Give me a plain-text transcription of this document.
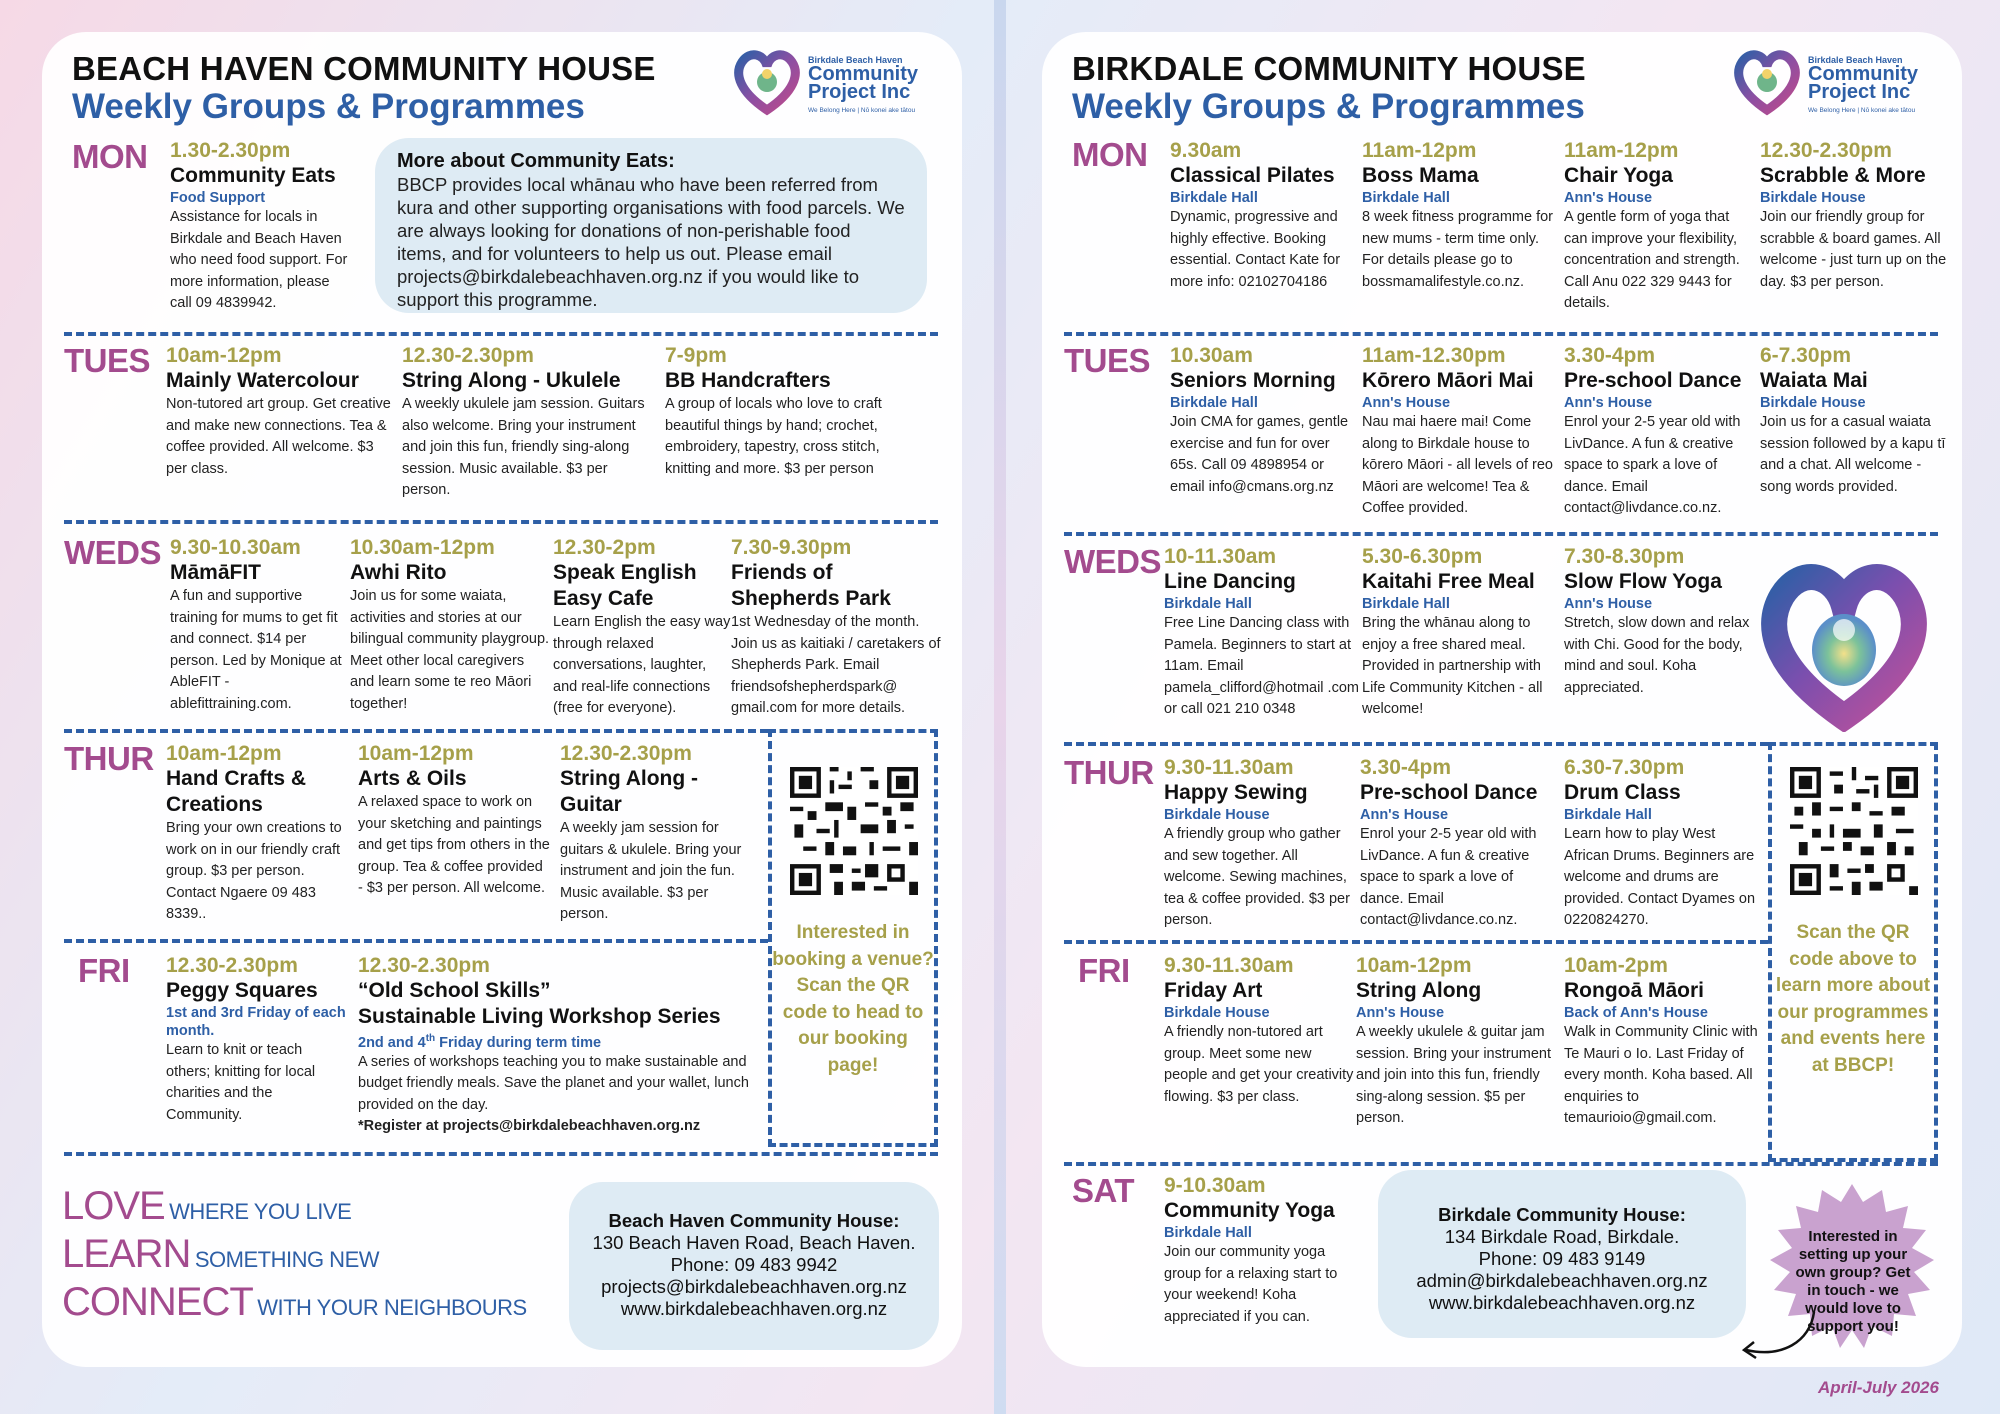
BEACH HAVEN COMMUNITY HOUSE
Weekly Groups & Programmes
Birkdale Beach Haven
Community
Project Inc
We Belong Here | Nō konei ake tātou
MON 1.30-2.30pm
Community Eats
Food Support
Assistance for locals in Birkdale and Beach Haven who need food support. For more information, please call 09 4839942.
More about Community Eats:
BBCP provides local whānau who have been referred from kura and other supporting organisations with food parcels. We are always looking for donations of non-perishable food items, and for volunteers to help us out. Please email projects@birkdalebeachhaven.org.nz if you would like to support this programme.
TUES 10am-12pm
Mainly Watercolour
Non-tutored art group. Get creative and make new connections. Tea & coffee provided. All welcome. $3 per class.
12.30-2.30pm
String Along - Ukulele
A weekly ukulele jam session. Guitars also welcome. Bring your instrument and join this fun, friendly sing-along session. Music available. $3 per person.
7-9pm
BB Handcrafters
A group of locals who love to craft beautiful things by hand; crochet, embroidery, tapestry, cross stitch, knitting and more. $3 per person
WEDS 9.30-10.30am
MāmāFIT
A fun and supportive training for mums to get fit and connect. $14 per person. Led by Monique at AbleFIT - ablefittraining.com.
10.30am-12pm
Awhi Rito
Join us for some waiata, activities and stories at our bilingual community playgroup. Meet other local caregivers and learn some te reo Māori together!
12.30-2pm
Speak English Easy Cafe
Learn English the easy way through relaxed conversations, laughter, and real-life connections (free for everyone).
7.30-9.30pm
Friends of Shepherds Park
1st Wednesday of the month. Join us as kaitiaki / caretakers of Shepherds Park. Email friendsofshepherdspark@ gmail.com for more details.
THUR 10am-12pm
Hand Crafts & Creations
Bring your own creations to work on in our friendly craft group. $3 per person. Contact Ngaere 09 483 8339..
10am-12pm
Arts & Oils
A relaxed space to work on your sketching and paintings and get tips from others in the group. Tea & coffee provided - $3 per person. All welcome.
12.30-2.30pm
String Along - Guitar
A weekly jam session for guitars & ukulele. Bring your instrument and join the fun. Music available. $3 per person.
Interested in booking a venue? Scan the QR code to head to our booking page!
FRI 12.30-2.30pm
Peggy Squares
1st and 3rd Friday of each month.
Learn to knit or teach others; knitting for local charities and the Community.
12.30-2.30pm
“Old School Skills”
Sustainable Living Workshop Series
2nd and 4th Friday during term time
A series of workshops teaching you to make sustainable and budget friendly meals. Save the planet and your wallet, lunch provided on the day.
*Register at projects@birkdalebeachhaven.org.nz
LOVE WHERE YOU LIVE
LEARN SOMETHING NEW
CONNECT WITH YOUR NEIGHBOURS
Beach Haven Community House:
130 Beach Haven Road, Beach Haven.
Phone: 09 483 9942
projects@birkdalebeachhaven.org.nz
www.birkdalebeachhaven.org.nz
BIRKDALE COMMUNITY HOUSE
Weekly Groups & Programmes
Birkdale Beach Haven
Community
Project Inc
We Belong Here | Nō konei ake tātou
MON 9.30am
Classical Pilates
Birkdale Hall
Dynamic, progressive and highly effective. Booking essential. Contact Kate for more info: 02102704186
11am-12pm
Boss Mama
Birkdale Hall
8 week fitness programme for new mums - term time only. For details please go to bossmamalifestyle.co.nz.
11am-12pm
Chair Yoga
Ann's House
A gentle form of yoga that can improve your flexibility, concentration and strength. Call Anu 022 329 9443 for details.
12.30-2.30pm
Scrabble & More
Birkdale House
Join our friendly group for scrabble & board games. All welcome - just turn up on the day. $3 per person.
TUES 10.30am
Seniors Morning
Birkdale Hall
Join CMA for games, gentle exercise and fun for over 65s. Call 09 4898954 or email info@cmans.org.nz
11am-12.30pm
Kōrero Māori Mai
Ann's House
Nau mai haere mai! Come along to Birkdale house to kōrero Māori - all levels of reo Māori are welcome! Tea & Coffee provided.
3.30-4pm
Pre-school Dance
Ann's House
Enrol your 2-5 year old with LivDance. A fun & creative space to spark a love of dance. Email contact@livdance.co.nz.
6-7.30pm
Waiata Mai
Birkdale House
Join us for a casual waiata session followed by a kapu tī and a chat. All welcome - song words provided.
WEDS 10-11.30am
Line Dancing
Birkdale Hall
Free Line Dancing class with Pamela. Beginners to start at 11am. Email pamela_clifford@hotmail .com or call 021 210 0348
5.30-6.30pm
Kaitahi Free Meal
Birkdale Hall
Bring the whānau along to enjoy a free shared meal. Provided in partnership with Life Community Kitchen - all welcome!
7.30-8.30pm
Slow Flow Yoga
Ann's House
Stretch, slow down and relax with Chi. Good for the body, mind and soul. Koha appreciated.
THUR 9.30-11.30am
Happy Sewing
Birkdale House
A friendly group who gather and sew together. All welcome. Sewing machines, tea & coffee provided. $3 per person.
3.30-4pm
Pre-school Dance
Ann's House
Enrol your 2-5 year old with LivDance. A fun & creative space to spark a love of dance. Email contact@livdance.co.nz.
6.30-7.30pm
Drum Class
Birkdale Hall
Learn how to play West African Drums. Beginners are welcome and drums are provided. Contact Dyames on 0220824270.
Scan the QR code above to learn more about our programmes and events here at BBCP!
FRI 9.30-11.30am
Friday Art
Birkdale House
A friendly non-tutored art group. Meet some new people and get your creativity flowing. $3 per class.
10am-12pm
String Along
Ann's House
A weekly ukulele & guitar jam session. Bring your instrument and join into this fun, friendly sing-along session. $5 per person.
10am-2pm
Rongoā Māori
Back of Ann's House
Walk in Community Clinic with Te Mauri o Io. Last Friday of every month. Koha based. All enquiries to temaurioio@gmail.com.
SAT 9-10.30am
Community Yoga
Birkdale Hall
Join our community yoga group for a relaxing start to your weekend! Koha appreciated if you can.
Birkdale Community House:
134 Birkdale Road, Birkdale.
Phone: 09 483 9149
admin@birkdalebeachhaven.org.nz
www.birkdalebeachhaven.org.nz
Interested in setting up your own group? Get in touch - we would love to support you!
April-July 2026
